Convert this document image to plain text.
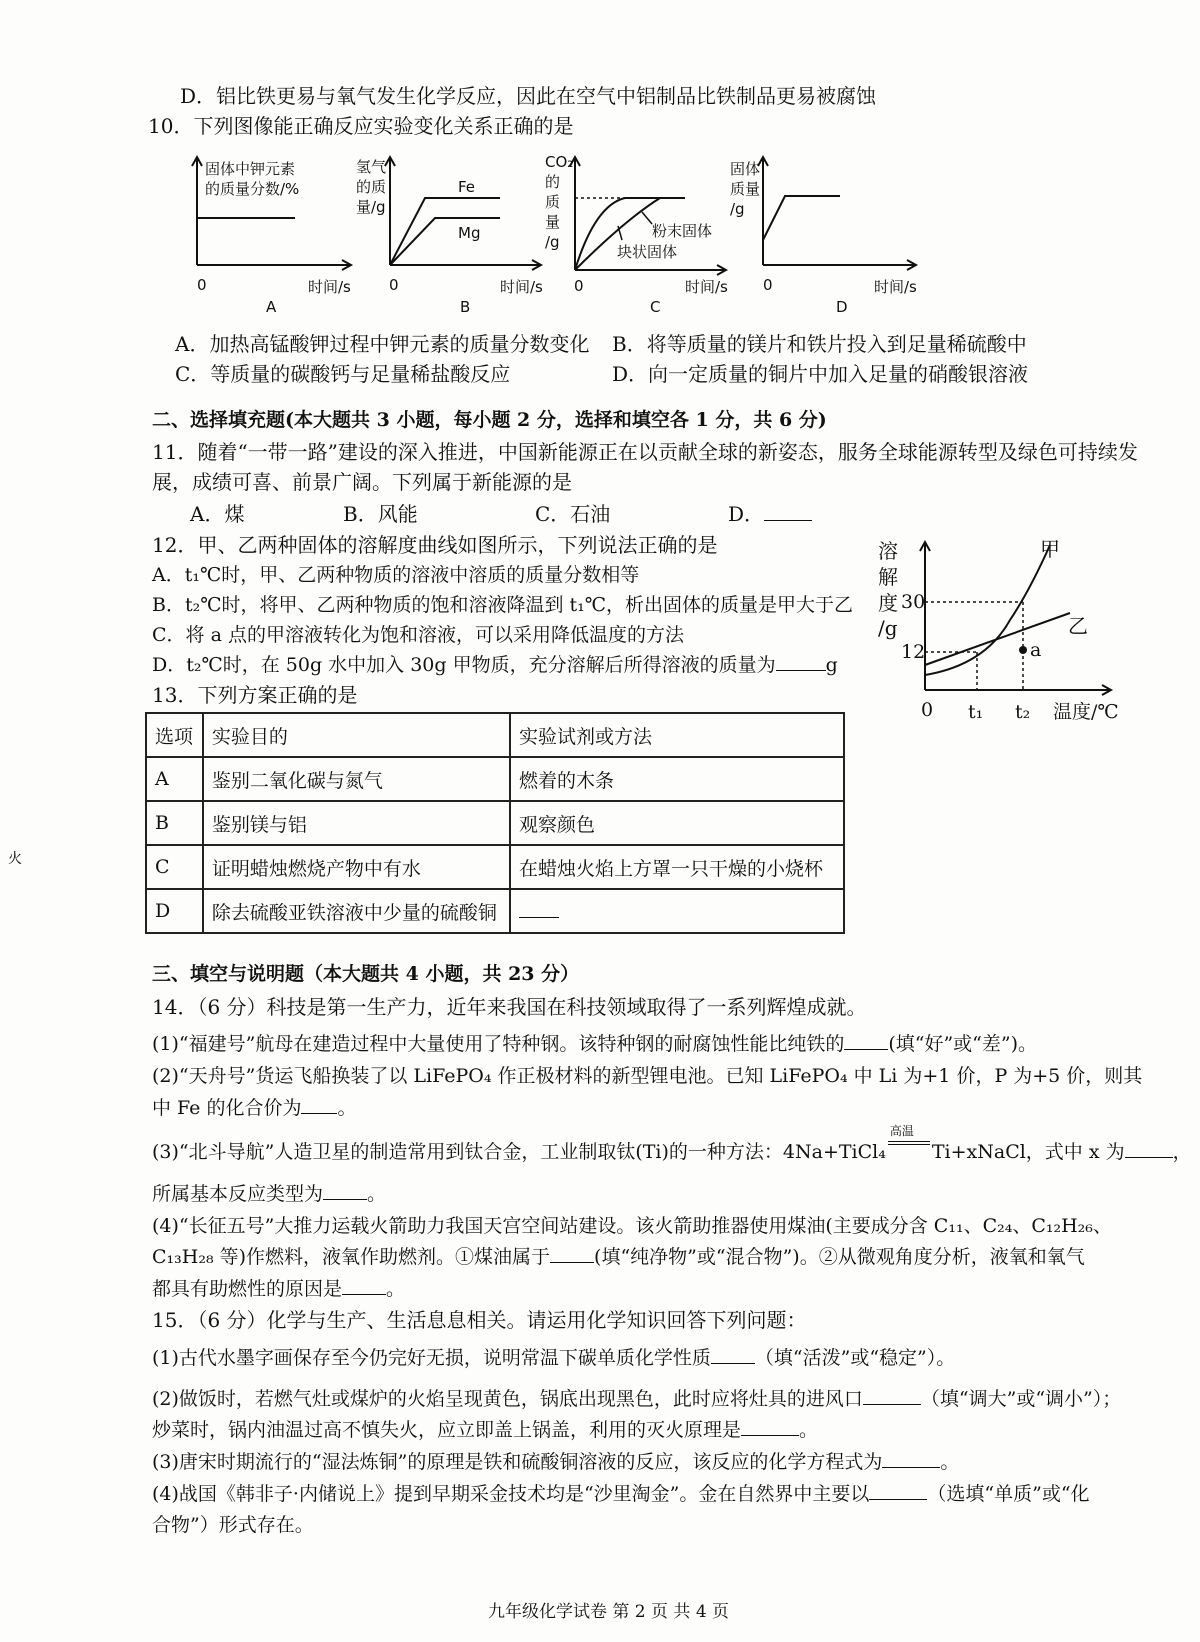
D．铝比铁更易与氧气发生化学反应，因此在空气中铝制品比铁制品更易被腐蚀
10．下列图像能正确反应实验变化关系正确的是
固体中钾元素
的质量分数/%
0	时间/s
A
氢气
的质
量/g
Fe
Mg
0	时间/s
B
CO₂
的
质
量
/g
粉末固体
块状固体
0	时间/s
C
固体
质量
/g
0	时间/s
D
A．加热高锰酸钾过程中钾元素的质量分数变化 B．将等质量的镁片和铁片投入到足量稀硫酸中
C．等质量的碳酸钙与足量稀盐酸反应	D．向一定质量的铜片中加入足量的硝酸银溶液
二、选择填充题(本大题共 3 小题，每小题 2 分，选择和填空各 1 分，共 6 分)
11．随着“一带一路”建设的深入推进，中国新能源正在以贡献全球的新姿态，服务全球能源转型及绿色可持续发
展，成绩可喜、前景广阔。下列属于新能源的是
A．煤	B．风能	C．石油	D．
12．甲、乙两种固体的溶解度曲线如图所示，下列说法正确的是
A．t₁℃时，甲、乙两种物质的溶液中溶质的质量分数相等
B．t₂℃时，将甲、乙两种物质的饱和溶液降温到 t₁℃，析出固体的质量是甲大于乙
C．将 a 点的甲溶液转化为饱和溶液，可以采用降低温度的方法
D．t₂℃时，在 50g 水中加入 30g 甲物质，充分溶解后所得溶液的质量为	g
溶
解
度
/g
30
12
0 t₁ t₂ 温度/℃
甲
乙
a
13．下列方案正确的是
选项	实验目的	实验试剂或方法
A	鉴别二氧化碳与氮气	燃着的木条
B	鉴别镁与铝	观察颜色
C	证明蜡烛燃烧产物中有水	在蜡烛火焰上方罩一只干燥的小烧杯
D	除去硫酸亚铁溶液中少量的硫酸铜	
火
三、填空与说明题（本大题共 4 小题，共 23 分）
14．（6 分）科技是第一生产力，近年来我国在科技领域取得了一系列辉煌成就。
(1)“福建号”航母在建造过程中大量使用了特种钢。该特种钢的耐腐蚀性能比纯铁的 (填“好”或“差”)。
(2)“天舟号”货运飞船换装了以 LiFePO₄ 作正极材料的新型锂电池。已知 LiFePO₄ 中 Li 为+1 价，P 为+5 价，则其
中 Fe 的化合价为 。
(3)“北斗导航”人造卫星的制造常用到钛合金，工业制取钛(Ti)的一种方法：4Na+TiCl₄
高温
Ti+xNaCl，式中 x 为	，
所属基本反应类型为 。
(4)“长征五号”大推力运载火箭助力我国天宫空间站建设。该火箭助推器使用煤油(主要成分含 C₁₁、C₂₄、C₁₂H₂₆、
C₁₃H₂₈ 等)作燃料，液氧作助燃剂。①煤油属于 (填“纯净物”或“混合物”)。②从微观角度分析，液氧和氧气
都具有助燃性的原因是 。
15．（6 分）化学与生产、生活息息相关。请运用化学知识回答下列问题：
(1)古代水墨字画保存至今仍完好无损，说明常温下碳单质化学性质 （填“活泼”或“稳定”）。
(2)做饭时，若燃气灶或煤炉的火焰呈现黄色，锅底出现黑色，此时应将灶具的进风口	（填“调大”或“调小”）；
炒菜时，锅内油温过高不慎失火，应立即盖上锅盖，利用的灭火原理是	。
(3)唐宋时期流行的“湿法炼铜”的原理是铁和硫酸铜溶液的反应，该反应的化学方程式为	。
(4)战国《韩非子·内储说上》提到早期采金技术均是“沙里淘金”。金在自然界中主要以	（选填“单质”或“化
合物”）形式存在。
九年级化学试卷 第 2 页 共 4 页
